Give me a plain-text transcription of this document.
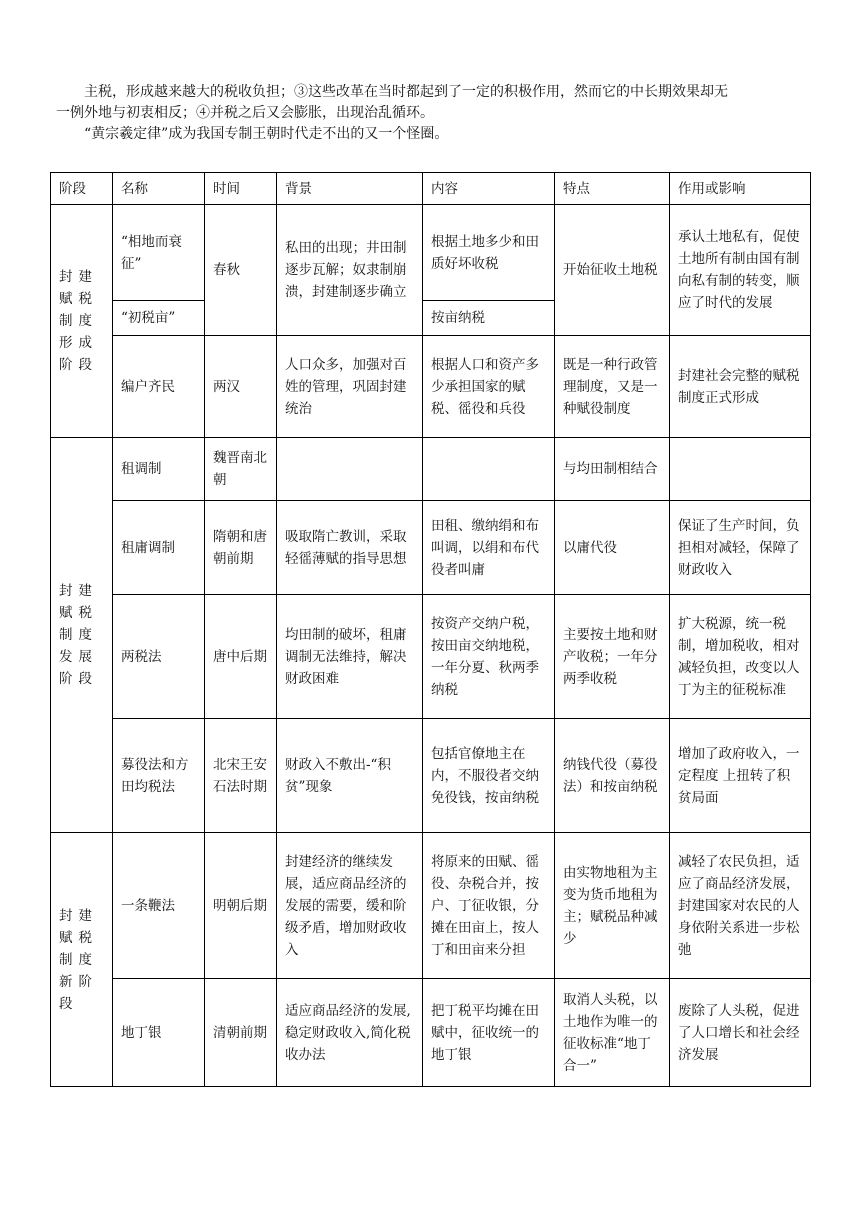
主税，形成越来越大的税收负担；③这些改革在当时都起到了一定的积极作用，然而它的中长期效果却无

一例外地与初衷相反；④并税之后又会膨胀，出现治乱循环。

“黄宗羲定律”成为我国专制王朝时代走不出的又一个怪圈。

阶段	名称	时间	背景	内容	特点	作用或影响
封建赋税制度形成阶段	“相地而衰征”	春秋	私田的出现；井田制逐步瓦解；奴隶制崩溃，封建制逐步确立	根据土地多少和田质好坏收税	开始征收土地税	承认土地私有，促使土地所有制由国有制向私有制的转变，顺应了时代的发展
	“初税亩”			按亩纳税		
	编户齐民	两汉	人口众多，加强对百姓的管理，巩固封建统治	根据人口和资产多少承担国家的赋税、徭役和兵役	既是一种行政管理制度，又是一种赋役制度	封建社会完整的赋税制度正式形成
封建赋税制度发展阶段	租调制	魏晋南北朝			与均田制相结合	
	租庸调制	隋朝和唐朝前期	吸取隋亡教训，采取轻徭薄赋的指导思想	田租、缴纳绢和布叫调，以绢和布代役者叫庸	以庸代役	保证了生产时间，负担相对减轻，保障了财政收入
	两税法	唐中后期	均田制的破坏，租庸调制无法维持，解决财政困难	按资产交纳户税，按田亩交纳地税，一年分夏、秋两季纳税	主要按土地和财产收税；一年分两季收税	扩大税源，统一税制，增加税收，相对减轻负担，改变以人丁为主的征税标准
	募役法和方田均税法	北宋王安石法时期	财政入不敷出-“积贫”现象	包括官僚地主在内，不服役者交纳免役钱，按亩纳税	纳钱代役（募役法）和按亩纳税	增加了政府收入，一定程度 上扭转了积贫局面
封建赋税制度新阶段	一条鞭法	明朝后期	封建经济的继续发展，适应商品经济的发展的需要，缓和阶级矛盾，增加财政收入	将原来的田赋、徭役、杂税合并，按户、丁征收银，分摊在田亩上，按人丁和田亩来分担	由实物地租为主变为货币地租为主；赋税品种减少	减轻了农民负担，适应了商品经济发展，封建国家对农民的人身依附关系进一步松弛
	地丁银	清朝前期	适应商品经济的发展,稳定财政收入,简化税收办法	把丁税平均摊在田赋中，征收统一的地丁银	取消人头税，以土地作为唯一的征收标准“地丁合一”	废除了人头税，促进了人口增长和社会经济发展
